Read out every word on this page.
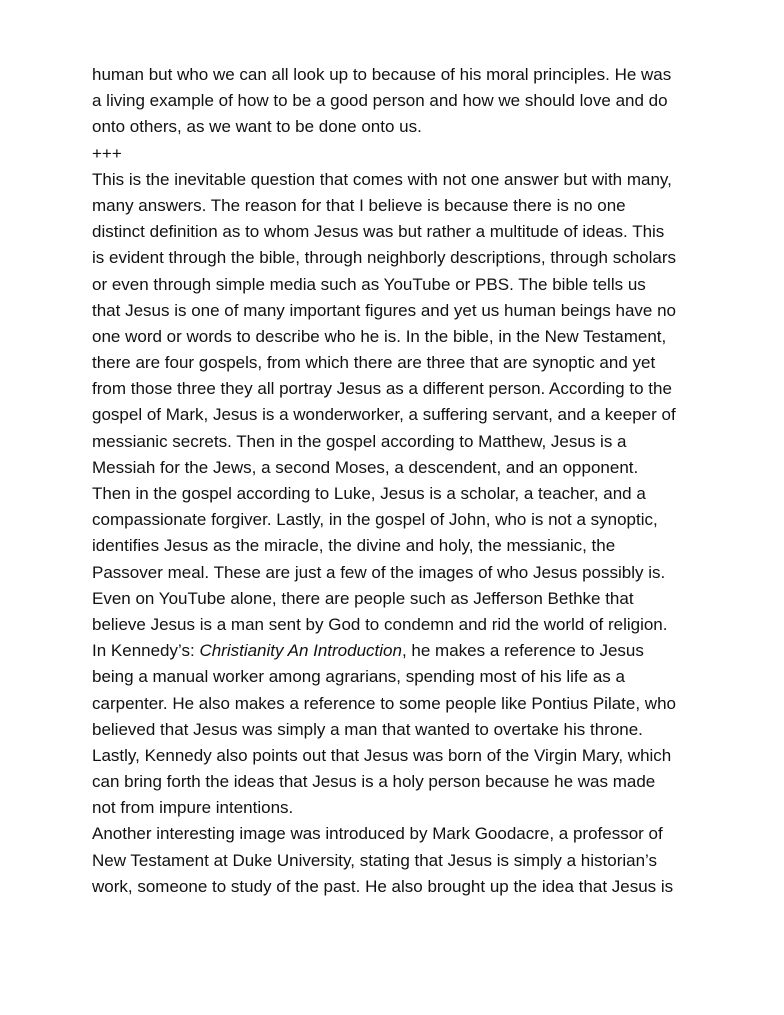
human but who we can all look up to because of his moral principles. He was
a living example of how to be a good person and how we should love and do
onto others, as we want to be done onto us.
+++
This is the inevitable question that comes with not one answer but with many,
many answers. The reason for that I believe is because there is no one
distinct definition as to whom Jesus was but rather a multitude of ideas. This
is evident through the bible, through neighborly descriptions, through scholars
or even through simple media such as YouTube or PBS. The bible tells us
that Jesus is one of many important figures and yet us human beings have no
one word or words to describe who he is. In the bible, in the New Testament,
there are four gospels, from which there are three that are synoptic and yet
from those three they all portray Jesus as a different person. According to the
gospel of Mark, Jesus is a wonderworker, a suffering servant, and a keeper of
messianic secrets. Then in the gospel according to Matthew, Jesus is a
Messiah for the Jews, a second Moses, a descendent, and an opponent.
Then in the gospel according to Luke, Jesus is a scholar, a teacher, and a
compassionate forgiver. Lastly, in the gospel of John, who is not a synoptic,
identifies Jesus as the miracle, the divine and holy, the messianic, the
Passover meal. These are just a few of the images of who Jesus possibly is.
Even on YouTube alone, there are people such as Jefferson Bethke that
believe Jesus is a man sent by God to condemn and rid the world of religion.
In Kennedy’s: Christianity An Introduction, he makes a reference to Jesus
being a manual worker among agrarians, spending most of his life as a
carpenter. He also makes a reference to some people like Pontius Pilate, who
believed that Jesus was simply a man that wanted to overtake his throne.
Lastly, Kennedy also points out that Jesus was born of the Virgin Mary, which
can bring forth the ideas that Jesus is a holy person because he was made
not from impure intentions.
Another interesting image was introduced by Mark Goodacre, a professor of
New Testament at Duke University, stating that Jesus is simply a historian’s
work, someone to study of the past. He also brought up the idea that Jesus is
